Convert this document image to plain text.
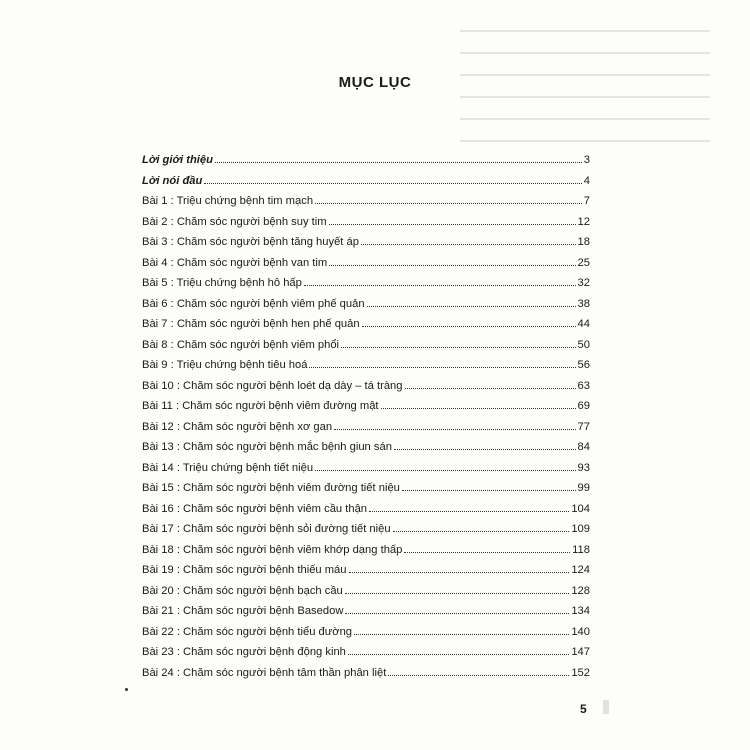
MỤC LỤC
Lời giới thiệu	3
Lời nói đầu	4
Bài 1 : Triệu chứng bệnh tim mạch	7
Bài 2 : Chăm sóc người bệnh suy tim	12
Bài 3 : Chăm sóc người bệnh tăng huyết áp	18
Bài 4 : Chăm sóc người bệnh van tim	25
Bài 5 : Triệu chứng bệnh hô hấp	32
Bài 6 : Chăm sóc người bệnh viêm phế quản	38
Bài 7 : Chăm sóc người bệnh hen phế quản	44
Bài 8 : Chăm sóc người bệnh viêm phổi	50
Bài 9 : Triệu chứng bệnh tiêu hoá	56
Bài 10 : Chăm sóc người bệnh loét dạ dày – tá tràng	63
Bài 11 : Chăm sóc người bệnh viêm đường mật	69
Bài 12 : Chăm sóc người bệnh xơ gan	77
Bài 13 : Chăm sóc người bệnh mắc bệnh giun sán	84
Bài 14 : Triệu chứng bệnh tiết niệu	93
Bài 15 : Chăm sóc người bệnh viêm đường tiết niệu	99
Bài 16 : Chăm sóc người bệnh viêm cầu thận	104
Bài 17 : Chăm sóc người bệnh sỏi đường tiết niệu	109
Bài 18 : Chăm sóc người bệnh viêm khớp dạng thấp	118
Bài 19 : Chăm sóc người bệnh thiếu máu	124
Bài 20 : Chăm sóc người bệnh bạch cầu	128
Bài 21 : Chăm sóc người bệnh Basedow	134
Bài 22 : Chăm sóc người bệnh tiểu đường	140
Bài 23 : Chăm sóc người bệnh động kinh	147
Bài 24 : Chăm sóc người bệnh tâm thần phân liệt	152
5
